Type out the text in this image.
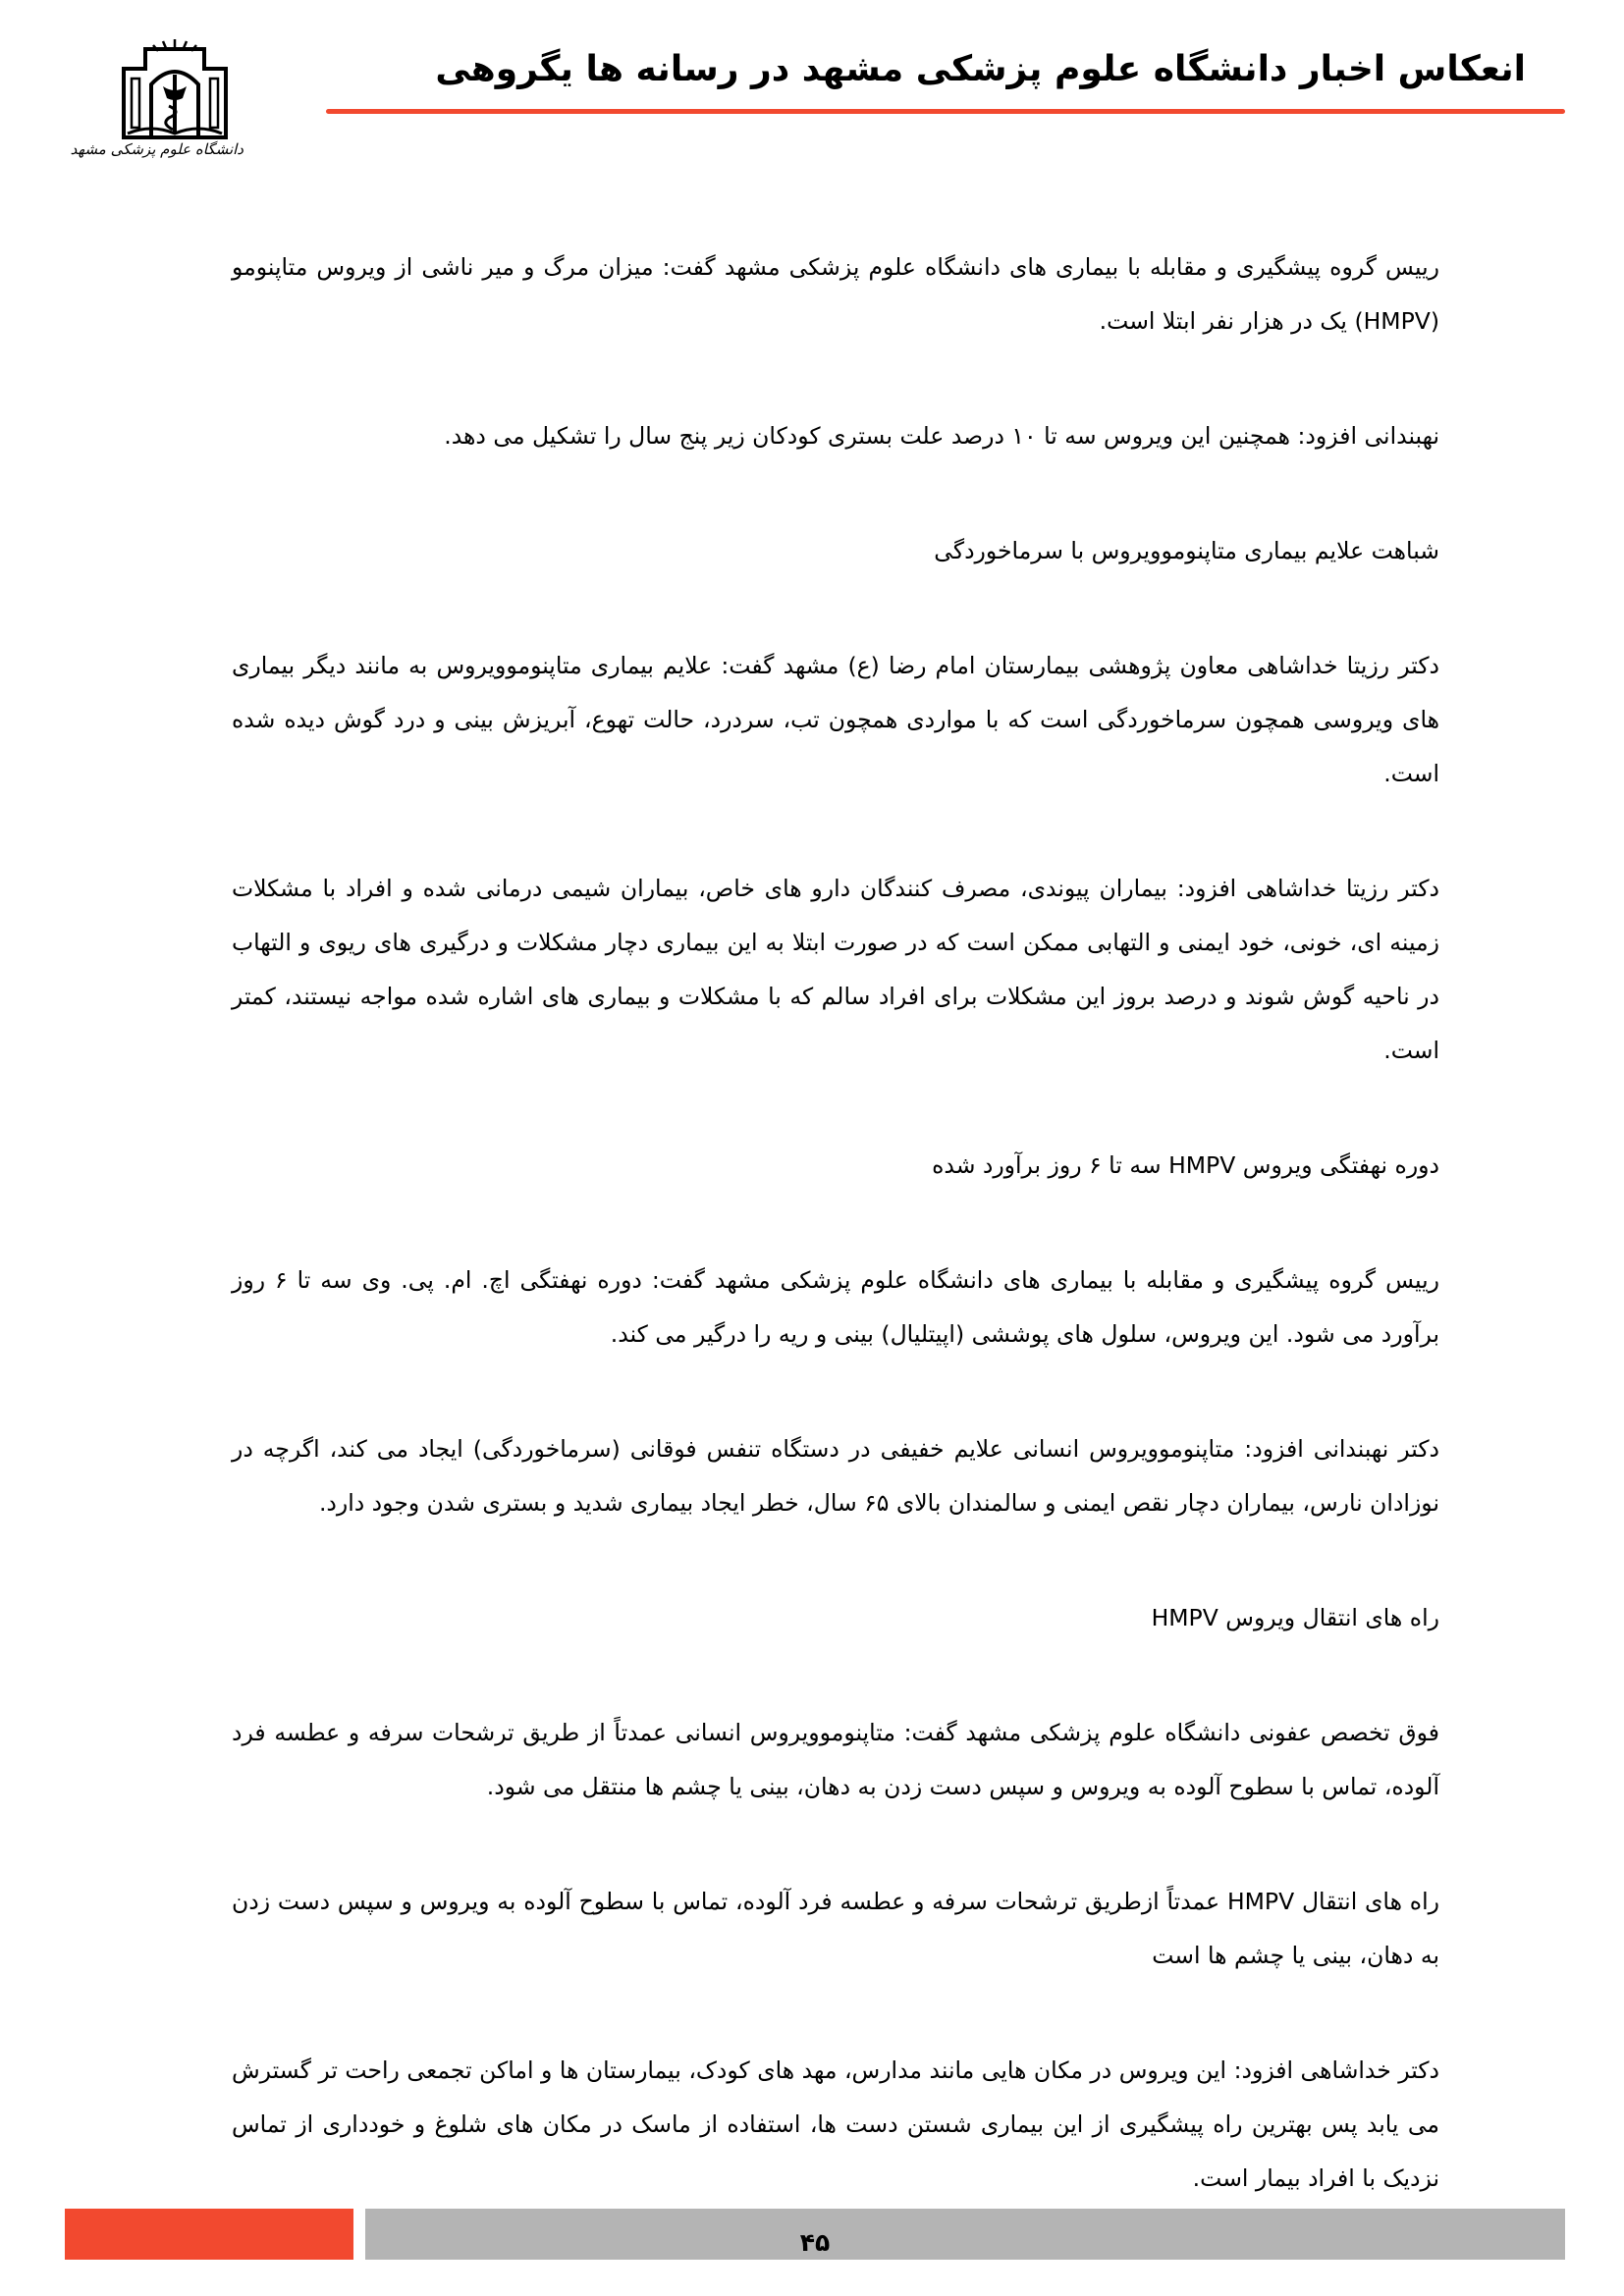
انعکاس اخبار دانشگاه علوم پزشکی مشهد در رسانه ها یگروهی
دانشگاه علوم پزشکی مشهد

رییس گروه پیشگیری و مقابله با بیماری های دانشگاه علوم پزشکی مشهد گفت: میزان مرگ و میر ناشی از ویروس متاپنومو (HMPV) یک در هزار نفر ابتلا است.

نهبندانی افزود: همچنین این ویروس سه تا ۱۰ درصد علت بستری کودکان زیر پنج سال را تشکیل می دهد.

شباهت علایم بیماری متاپنوموویروس با سرماخوردگی

دکتر رزیتا خداشاهی معاون پژوهشی بیمارستان امام رضا (ع) مشهد گفت: علایم بیماری متاپنوموویروس به مانند دیگر بیماری های ویروسی همچون سرماخوردگی است که با مواردی همچون تب، سردرد، حالت تهوع، آبریزش بینی و درد گوش دیده شده است.

دکتر رزیتا خداشاهی افزود: بیماران پیوندی، مصرف کنندگان دارو های خاص، بیماران شیمی درمانی شده و افراد با مشکلات زمینه ای، خونی، خود ایمنی و التهابی ممکن است که در صورت ابتلا به این بیماری دچار مشکلات و درگیری های ریوی و التهاب در ناحیه گوش شوند و درصد بروز این مشکلات برای افراد سالم که با مشکلات و بیماری های اشاره شده مواجه نیستند، کمتر است.

دوره نهفتگی ویروس HMPV سه تا ۶ روز برآورد شده

رییس گروه پیشگیری و مقابله با بیماری های دانشگاه علوم پزشکی مشهد گفت: دوره نهفتگی اچ. ام. پی. وی سه تا ۶ روز برآورد می شود. این ویروس، سلول های پوششی (اپیتلیال) بینی و ریه را درگیر می کند.

دکتر نهبندانی افزود: متاپنوموویروس انسانی علایم خفیفی در دستگاه تنفس فوقانی (سرماخوردگی) ایجاد می کند، اگرچه در نوزادان نارس، بیماران دچار نقص ایمنی و سالمندان بالای ۶۵ سال، خطر ایجاد بیماری شدید و بستری شدن وجود دارد.

راه های انتقال ویروس HMPV

فوق تخصص عفونی دانشگاه علوم پزشکی مشهد گفت: متاپنوموویروس انسانی عمدتاً از طریق ترشحات سرفه و عطسه فرد آلوده، تماس با سطوح آلوده به ویروس و سپس دست زدن به دهان، بینی یا چشم ها منتقل می شود.

راه های انتقال HMPV عمدتاً ازطریق ترشحات سرفه و عطسه فرد آلوده، تماس با سطوح آلوده به ویروس و سپس دست زدن به دهان، بینی یا چشم ها است

دکتر خداشاهی افزود: این ویروس در مکان هایی مانند مدارس، مهد های کودک، بیمارستان ها و اماکن تجمعی راحت تر گسترش می یابد پس بهترین راه پیشگیری از این بیماری شستن دست ها، استفاده از ماسک در مکان های شلوغ و خودداری از تماس نزدیک با افراد بیمار است.

۴۵
